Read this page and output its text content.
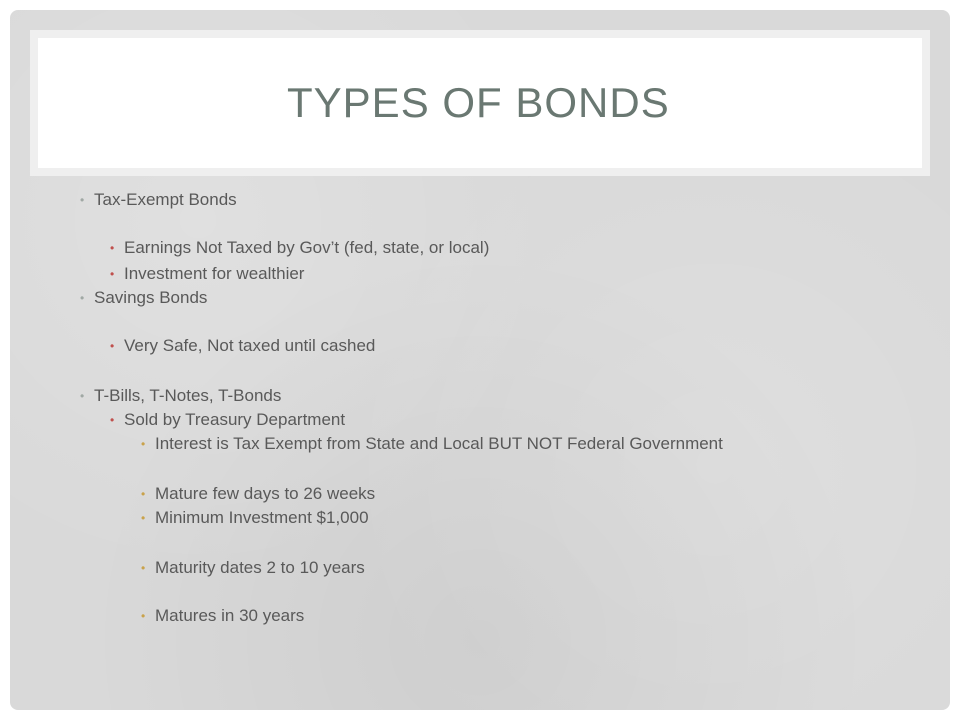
TYPES OF BONDS
• Tax-Exempt Bonds
• Earnings Not Taxed by Gov’t (fed, state, or local)
• Investment for wealthier
• Savings Bonds
• Very Safe, Not taxed until cashed
• T-Bills, T-Notes, T-Bonds
• Sold by Treasury Department
• Interest is Tax Exempt from State and Local BUT NOT Federal Government
• Mature few days to 26 weeks
• Minimum Investment $1,000
• Maturity dates 2 to 10 years
• Matures in 30 years
